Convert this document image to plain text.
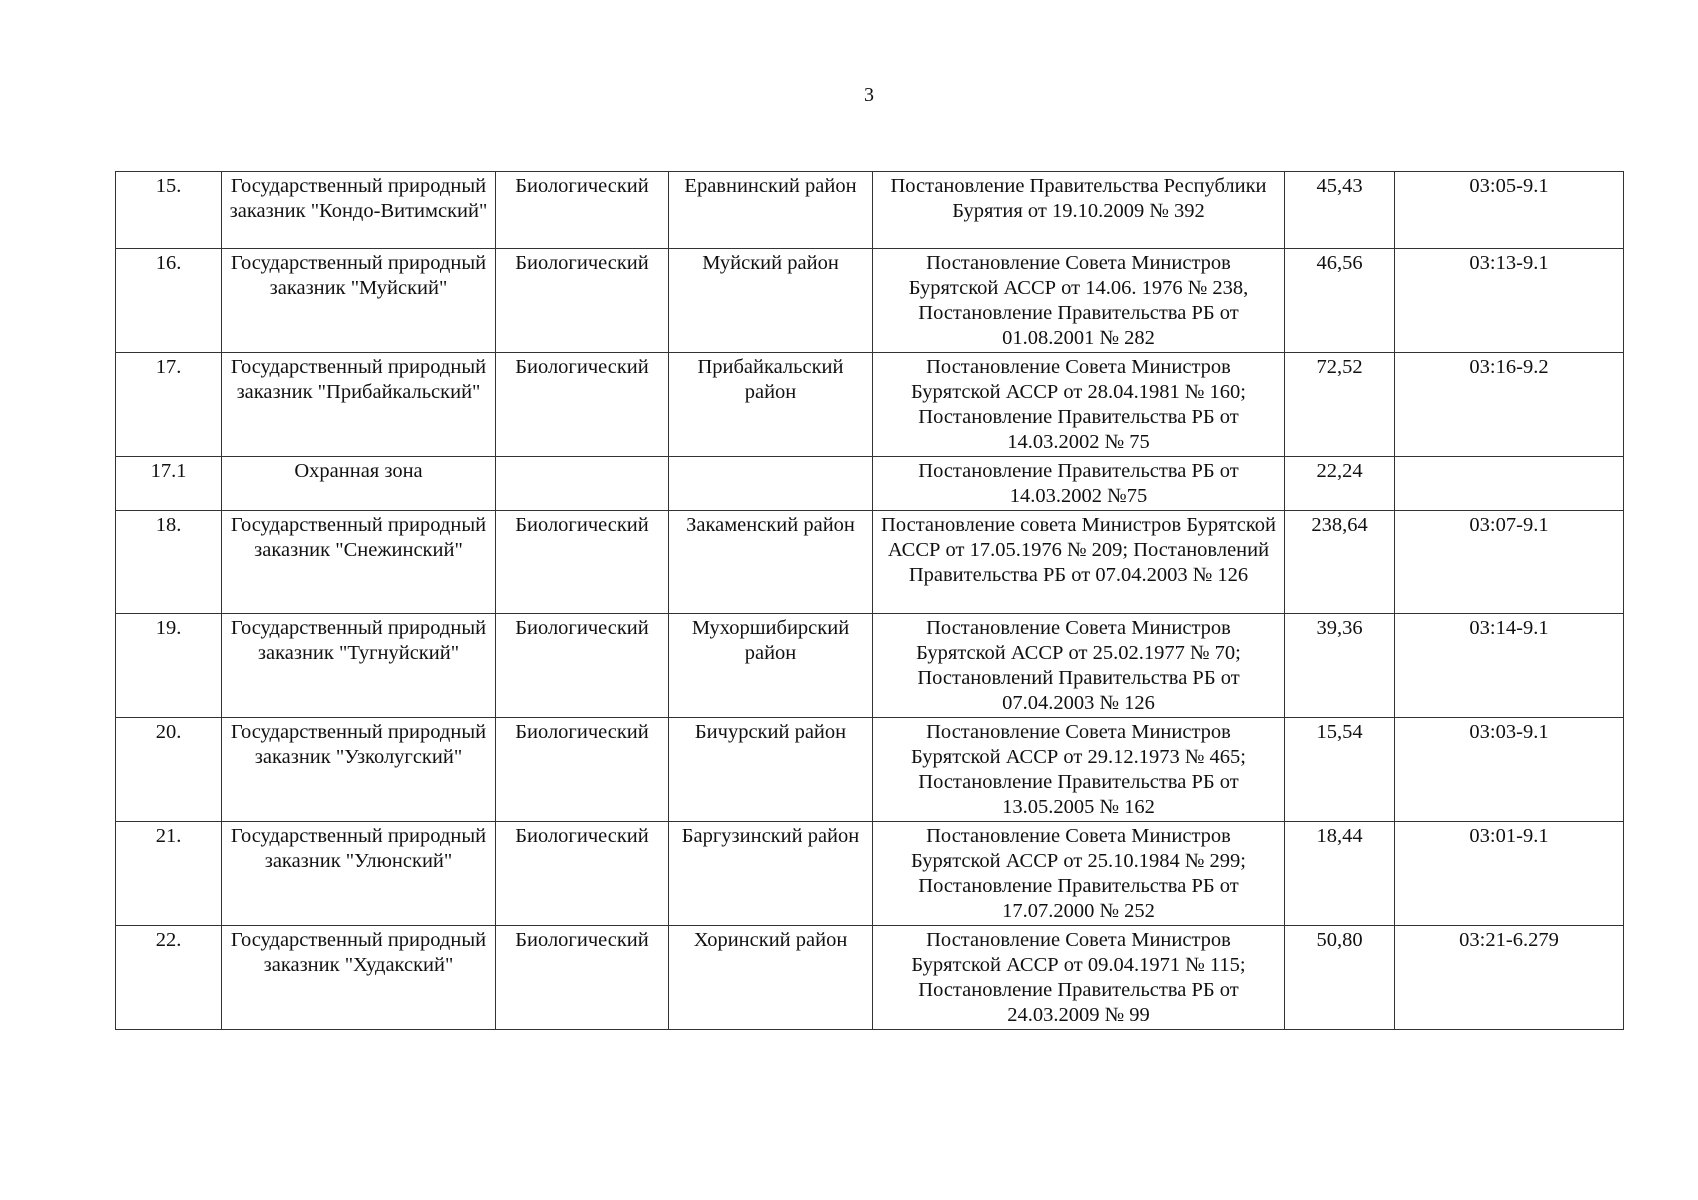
3
15.	Государственный природный заказник "Кондо-Витимский"	Биологический	Еравнинский район	Постановление Правительства Республики Бурятия от 19.10.2009 № 392	45,43	03:05-9.1
16.	Государственный природный заказник "Муйский"	Биологический	Муйский район	Постановление Совета Министров Бурятской АССР от 14.06. 1976 № 238, Постановление Правительства РБ от 01.08.2001 № 282	46,56	03:13-9.1
17.	Государственный природный заказник "Прибайкальский"	Биологический	Прибайкальский район	Постановление Совета Министров Бурятской АССР от 28.04.1981 № 160; Постановление Правительства РБ от 14.03.2002 № 75	72,52	03:16-9.2
17.1	Охранная зона			Постановление Правительства РБ от 14.03.2002 №75	22,24	
18.	Государственный природный заказник "Снежинский"	Биологический	Закаменский район	Постановление совета Министров Бурятской АССР от 17.05.1976 № 209; Постановлений Правительства РБ от 07.04.2003 № 126	238,64	03:07-9.1
19.	Государственный природный заказник "Тугнуйский"	Биологический	Мухоршибирский район	Постановление Совета Министров Бурятской АССР от 25.02.1977 № 70; Постановлений Правительства РБ от 07.04.2003 № 126	39,36	03:14-9.1
20.	Государственный природный заказник "Узколугский"	Биологический	Бичурский район	Постановление Совета Министров Бурятской АССР от 29.12.1973 № 465; Постановление Правительства РБ от 13.05.2005 № 162	15,54	03:03-9.1
21.	Государственный природный заказник "Улюнский"	Биологический	Баргузинский район	Постановление Совета Министров Бурятской АССР от 25.10.1984 № 299; Постановление Правительства РБ от 17.07.2000 № 252	18,44	03:01-9.1
22.	Государственный природный заказник "Худакский"	Биологический	Хоринский район	Постановление Совета Министров Бурятской АССР от 09.04.1971 № 115; Постановление Правительства РБ от 24.03.2009 № 99	50,80	03:21-6.279
